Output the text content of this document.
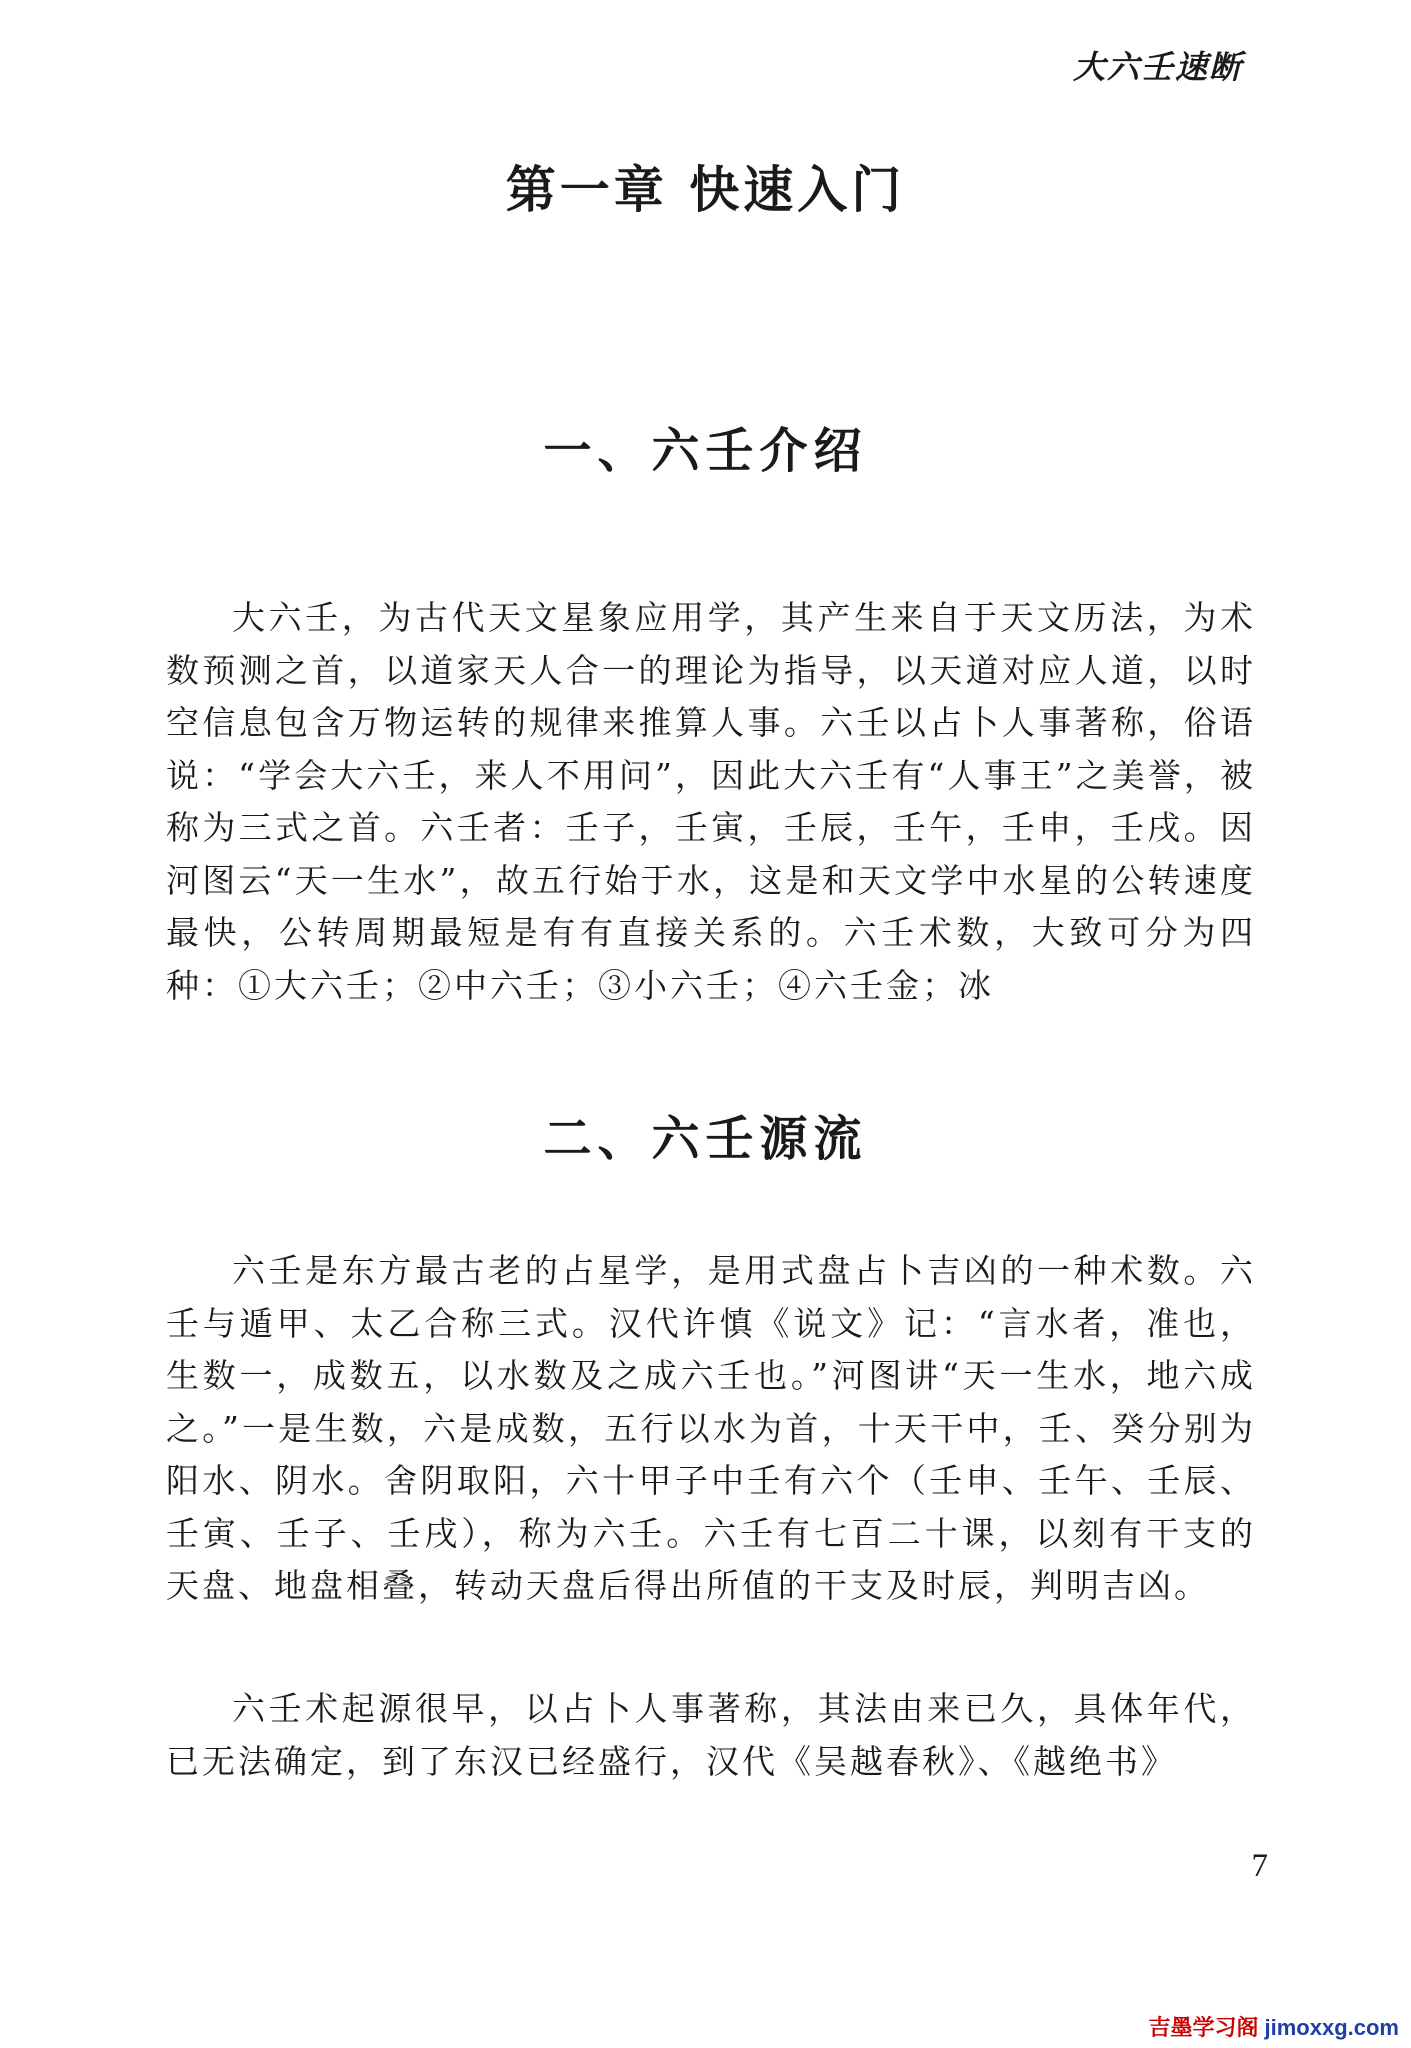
大六壬速断
第一章 快速入门
一、六壬介绍

大六壬，为古代天文星象应用学，其产生来自于天文历法，为术数预测之首，以道家天人合一的理论为指导，以天道对应人道，以时空信息包含万物运转的规律来推算人事。六壬以占卜人事著称，俗语说：“学会大六壬，来人不用问”，因此大六壬有“人事王”之美誉，被称为三式之首。六壬者：壬子，壬寅，壬辰，壬午，壬申，壬戌。因河图云“天一生水”，故五行始于水，这是和天文学中水星的公转速度最快，公转周期最短是有有直接关系的。六壬术数，大致可分为四种：①大六壬；②中六壬；③小六壬；④六壬金；冰

二、六壬源流

六壬是东方最古老的占星学，是用式盘占卜吉凶的一种术数。六壬与遁甲、太乙合称三式。汉代许慎《说文》记：“言水者，准也，生数一，成数五，以水数及之成六壬也。”河图讲“天一生水，地六成之。”一是生数，六是成数，五行以水为首，十天干中，壬、癸分别为阳水、阴水。舍阴取阳，六十甲子中壬有六个（壬申、壬午、壬辰、壬寅、壬子、壬戌），称为六壬。六壬有七百二十课，以刻有干支的天盘、地盘相叠，转动天盘后得出所值的干支及时辰，判明吉凶。

六壬术起源很早，以占卜人事著称，其法由来已久，具体年代，已无法确定，到了东汉已经盛行，汉代《吴越春秋》、《越绝书》

7
吉墨学习阁 jimoxxg.com
